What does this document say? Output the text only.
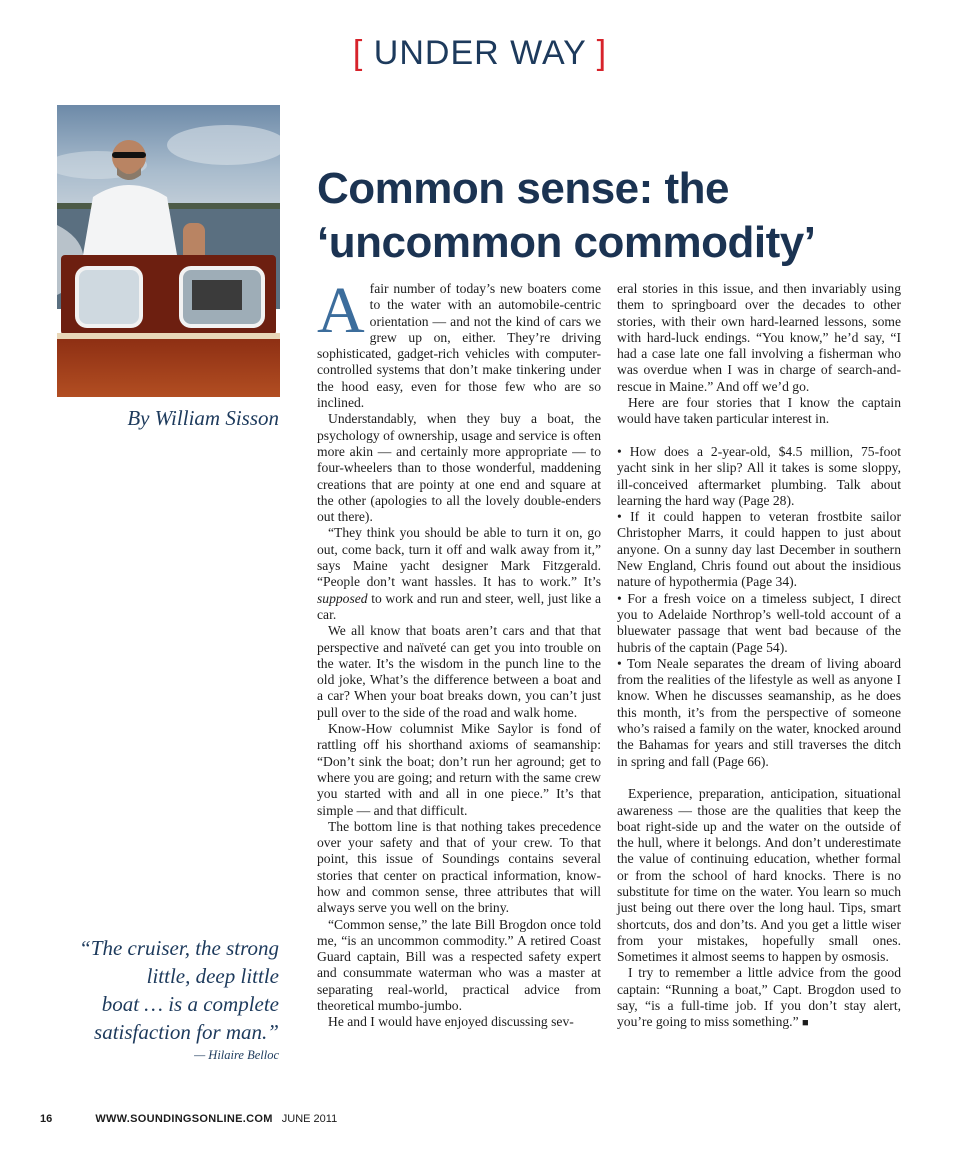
[ UNDER WAY ]
By William Sisson
Common sense: the
‘uncommon commodity’

Afair number of today’s new boaters come to the water with an automobile-centric orientation — and not the kind of cars we grew up on, either. They’re driving sophisticated, gadget-rich vehicles with computer-controlled systems that don’t make tinkering under the hood easy, even for those few who are so inclined.

Understandably, when they buy a boat, the psychology of ownership, usage and service is often more akin — and certainly more appropriate — to four-wheelers than to those wonderful, maddening creations that are pointy at one end and square at the other (apologies to all the lovely double-enders out there).

“They think you should be able to turn it on, go out, come back, turn it off and walk away from it,” says Maine yacht designer Mark Fitzgerald. “People don’t want hassles. It has to work.” It’s supposed to work and run and steer, well, just like a car.

We all know that boats aren’t cars and that that perspective and naïveté can get you into trouble on the water. It’s the wisdom in the punch line to the old joke, What’s the difference between a boat and a car? When your boat breaks down, you can’t just pull over to the side of the road and walk home.

Know-How columnist Mike Saylor is fond of rattling off his shorthand axioms of seamanship: “Don’t sink the boat; don’t run her aground; get to where you are going; and return with the same crew you started with and all in one piece.” It’s that simple — and that difficult.

The bottom line is that nothing takes precedence over your safety and that of your crew. To that point, this issue of Soundings contains several stories that center on practical information, know-how and common sense, three attributes that will always serve you well on the briny.

“Common sense,” the late Bill Brogdon once told me, “is an uncommon commodity.” A retired Coast Guard captain, Bill was a respected safety expert and consummate waterman who was a master at separating real-world, practical advice from theoretical mumbo-jumbo.

He and I would have enjoyed discussing sev-

eral stories in this issue, and then invariably using them to springboard over the decades to other stories, with their own hard-learned lessons, some with hard-luck endings. “You know,” he’d say, “I had a case late one fall involving a fisherman who was overdue when I was in charge of search-and-rescue in Maine.” And off we’d go.

Here are four stories that I know the captain would have taken particular interest in.

• How does a 2-year-old, $4.5 million, 75-foot yacht sink in her slip? All it takes is some sloppy, ill-conceived aftermarket plumbing. Talk about learning the hard way (Page 28).

• If it could happen to veteran frostbite sailor Christopher Marrs, it could happen to just about anyone. On a sunny day last December in southern New England, Chris found out about the insidious nature of hypothermia (Page 34).

• For a fresh voice on a timeless subject, I direct you to Adelaide Northrop’s well-told account of a bluewater passage that went bad because of the hubris of the captain (Page 54).

• Tom Neale separates the dream of living aboard from the realities of the lifestyle as well as anyone I know. When he discusses seamanship, as he does this month, it’s from the perspective of someone who’s raised a family on the water, knocked around the Bahamas for years and still traverses the ditch in spring and fall (Page 66).

Experience, preparation, anticipation, situational awareness — those are the qualities that keep the boat right-side up and the water on the outside of the hull, where it belongs. And don’t underestimate the value of continuing education, whether formal or from the school of hard knocks. There is no substitute for time on the water. You learn so much just being out there over the long haul. Tips, smart shortcuts, dos and don’ts. And you get a little wiser from your mistakes, hopefully small ones. Sometimes it almost seems to happen by osmosis.

I try to remember a little advice from the good captain: “Running a boat,” Capt. Brogdon used to say, “is a full-time job. If you don’t stay alert, you’re going to miss something.” ■

“The cruiser, the strong
little, deep little
boat … is a complete
satisfaction for man.”
— Hilaire Belloc
16	WWW.SOUNDINGSONLINE.COM JUNE 2011
